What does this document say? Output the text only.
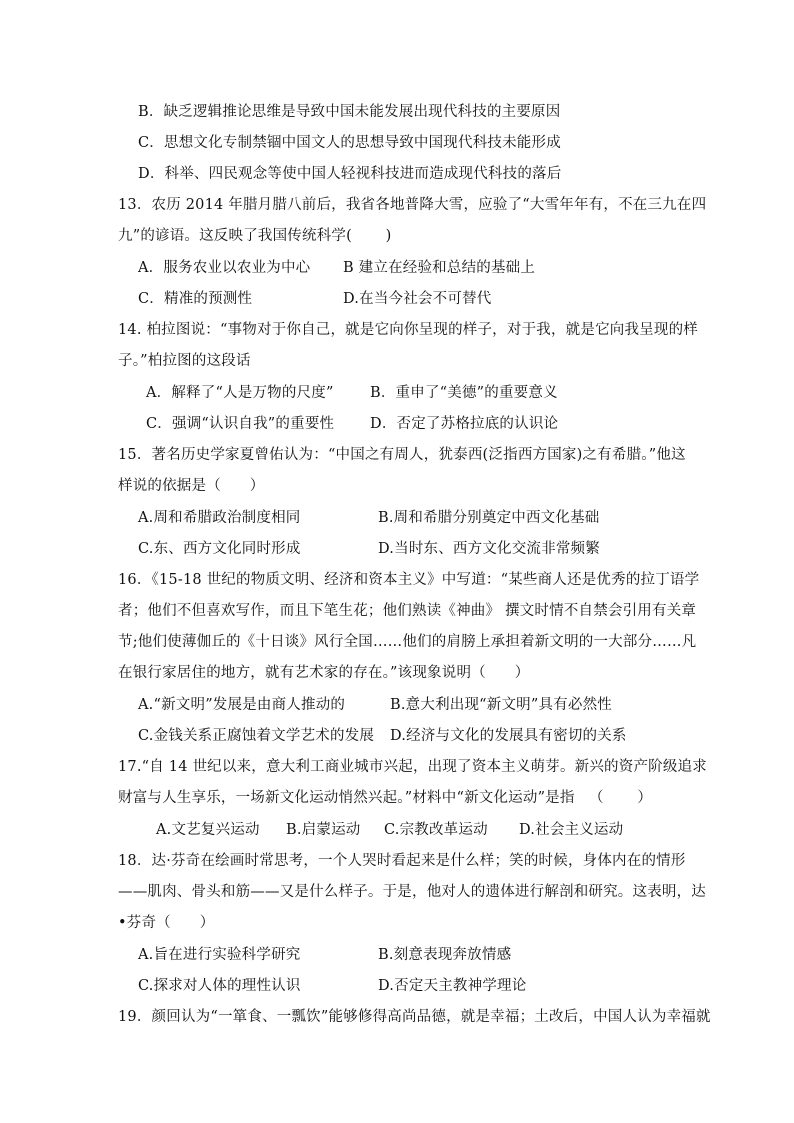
B．缺乏逻辑推论思维是导致中国未能发展出现代科技的主要原因
C．思想文化专制禁锢中国文人的思想导致中国现代科技未能形成
D．科举、四民观念等使中国人轻视科技进而造成现代科技的落后
13．农历 2014 年腊月腊八前后，我省各地普降大雪，应验了“大雪年年有，不在三九在四
九”的谚语。这反映了我国传统科学(       )
A．服务农业以农业为中心	B 建立在经验和总结的基础上
C．精准的预测性	D.在当今社会不可替代
14. 柏拉图说：“事物对于你自己，就是它向你呈现的样子，对于我，就是它向我呈现的样
子。”柏拉图的这段话
A．解释了“人是万物的尺度”	B．重申了“美德”的重要意义
C．强调“认识自我”的重要性	D．否定了苏格拉底的认识论
15．著名历史学家夏曾佑认为：“中国之有周人，犹泰西(泛指西方国家)之有希腊。”他这
样说的依据是（      ）
A.周和希腊政治制度相同	B.周和希腊分别奠定中西文化基础
C.东、西方文化同时形成	D.当时东、西方文化交流非常频繁
16．《15-18 世纪的物质文明、经济和资本主义》中写道：“某些商人还是优秀的拉丁语学
者；他们不但喜欢写作，而且下笔生花；他们熟读《神曲》 撰文时情不自禁会引用有关章
节;他们使薄伽丘的《十日谈》风行全国……他们的肩膀上承担着新文明的一大部分……凡
在银行家居住的地方，就有艺术家的存在。”该现象说明（      ）
A.“新文明”发展是由商人推动的	B.意大利出现“新文明”具有必然性
C.金钱关系正腐蚀着文学艺术的发展	D.经济与文化的发展具有密切的关系
17.“自 14 世纪以来，意大利工商业城市兴起，出现了资本主义萌芽。新兴的资产阶级追求
财富与人生享乐，一场新文化运动悄然兴起。”材料中“新文化运动”是指   （       ）
A.文艺复兴运动	B.启蒙运动	C.宗教改革运动	D.社会主义运动
18．达·芬奇在绘画时常思考，一个人哭时看起来是什么样；笑的时候，身体内在的情形
——肌肉、骨头和筋——又是什么样子。于是，他对人的遗体进行解剖和研究。这表明，达
•芬奇（      ）
A.旨在进行实验科学研究	B.刻意表现奔放情感
C.探求对人体的理性认识	D.否定天主教神学理论
19．颜回认为“一箪食、一瓢饮”能够修得高尚品德，就是幸福；土改后，中国人认为幸福就
